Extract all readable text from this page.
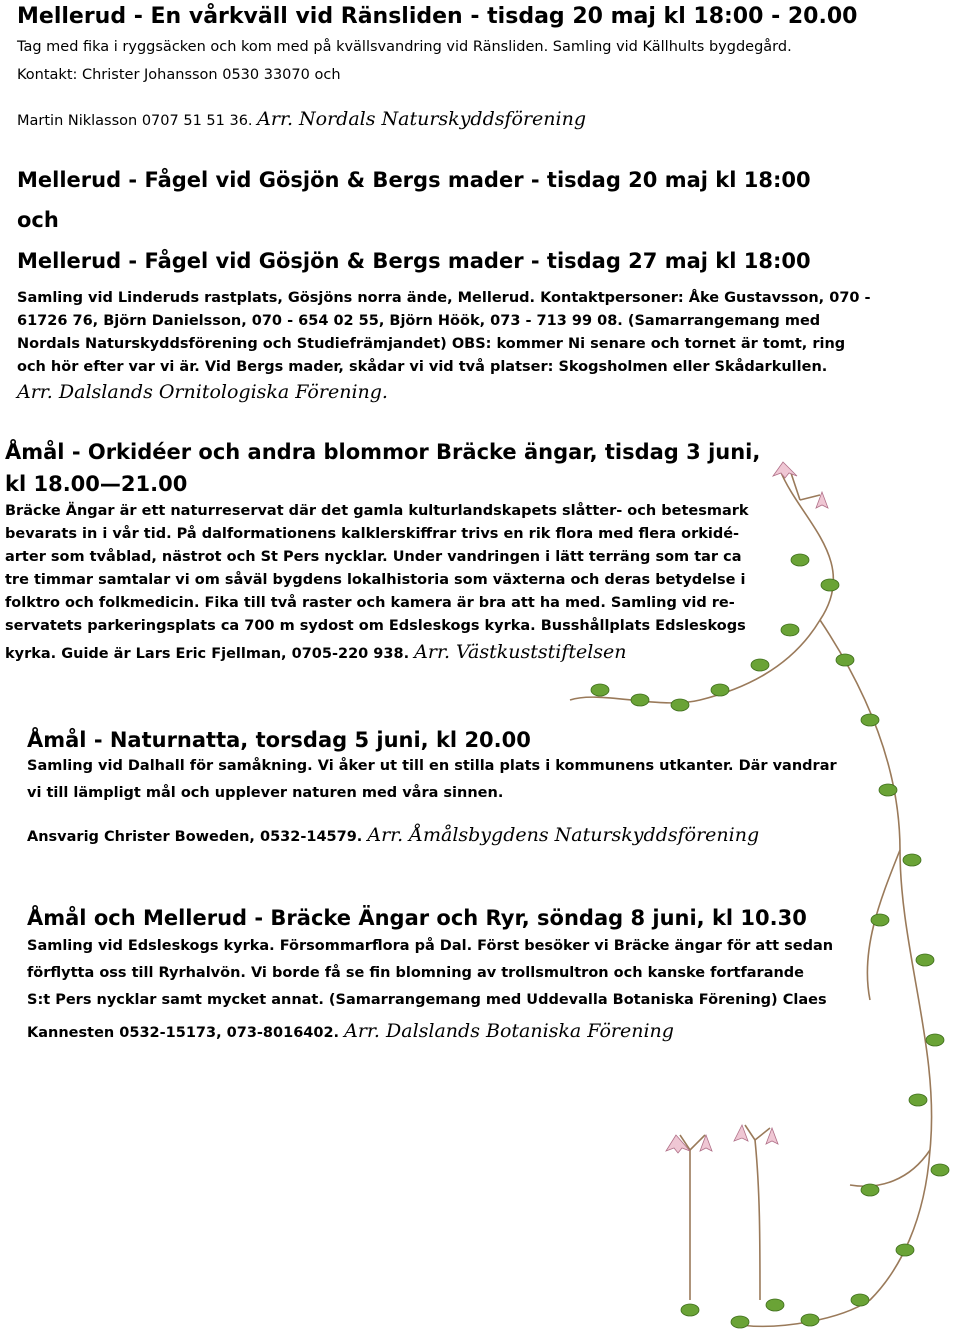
Mellerud - En vårkväll vid Ränsliden - tisdag 20 maj kl 18:00 - 20.00
Tag med fika i ryggsäcken och kom med på kvällsvandring vid Ränsliden. Samling vid Källhults bygdegård.
Kontakt: Christer Johansson 0530 33070 och
Martin Niklasson 0707 51 51 36. Arr. Nordals Naturskyddsförening
Mellerud - Fågel vid Gösjön & Bergs mader - tisdag 20 maj kl 18:00
och
Mellerud - Fågel vid Gösjön & Bergs mader - tisdag 27 maj kl 18:00
Samling vid Linderuds rastplats, Gösjöns norra ände, Mellerud. Kontaktpersoner: Åke Gustavsson, 070 -
61726 76, Björn Danielsson, 070 - 654 02 55, Björn Höök, 073 - 713 99 08. (Samarrangemang med
Nordals Naturskyddsförening och Studiefrämjandet) OBS: kommer Ni senare och tornet är tomt, ring
och hör efter var vi är. Vid Bergs mader, skådar vi vid två platser: Skogsholmen eller Skådarkullen.
Arr. Dalslands Ornitologiska Förening.
Åmål - Orkidéer och andra blommor Bräcke ängar, tisdag 3 juni,
kl 18.00—21.00
Bräcke Ängar är ett naturreservat där det gamla kulturlandskapets slåtter- och betesmark
bevarats in i vår tid. På dalformationens kalklerskiffrar trivs en rik flora med flera orkidé-
arter som tvåblad, nästrot och St Pers nycklar. Under vandringen i lätt terräng som tar ca
tre timmar samtalar vi om såväl bygdens lokalhistoria som växterna och deras betydelse i
folktro och folkmedicin. Fika till två raster och kamera är bra att ha med. Samling vid re-
servatets parkeringsplats ca 700 m sydost om Edsleskogs kyrka. Busshållplats Edsleskogs
kyrka. Guide är Lars Eric Fjellman, 0705-220 938. Arr. Västkuststiftelsen
Åmål - Naturnatta, torsdag 5 juni, kl 20.00
Samling vid Dalhall för samåkning. Vi åker ut till en stilla plats i kommunens utkanter. Där vandrar
vi till lämpligt mål och upplever naturen med våra sinnen.
Ansvarig Christer Boweden, 0532-14579. Arr. Åmålsbygdens Naturskyddsförening
Åmål och Mellerud - Bräcke Ängar och Ryr, söndag 8 juni, kl 10.30
Samling vid Edsleskogs kyrka. Försommarflora på Dal. Först besöker vi Bräcke ängar för att sedan
förflytta oss till Ryrhalvön. Vi borde få se fin blomning av trollsmultron och kanske fortfarande
S:t Pers nycklar samt mycket annat. (Samarrangemang med Uddevalla Botaniska Förening) Claes
Kannesten 0532-15173, 073-8016402. Arr. Dalslands Botaniska Förening
